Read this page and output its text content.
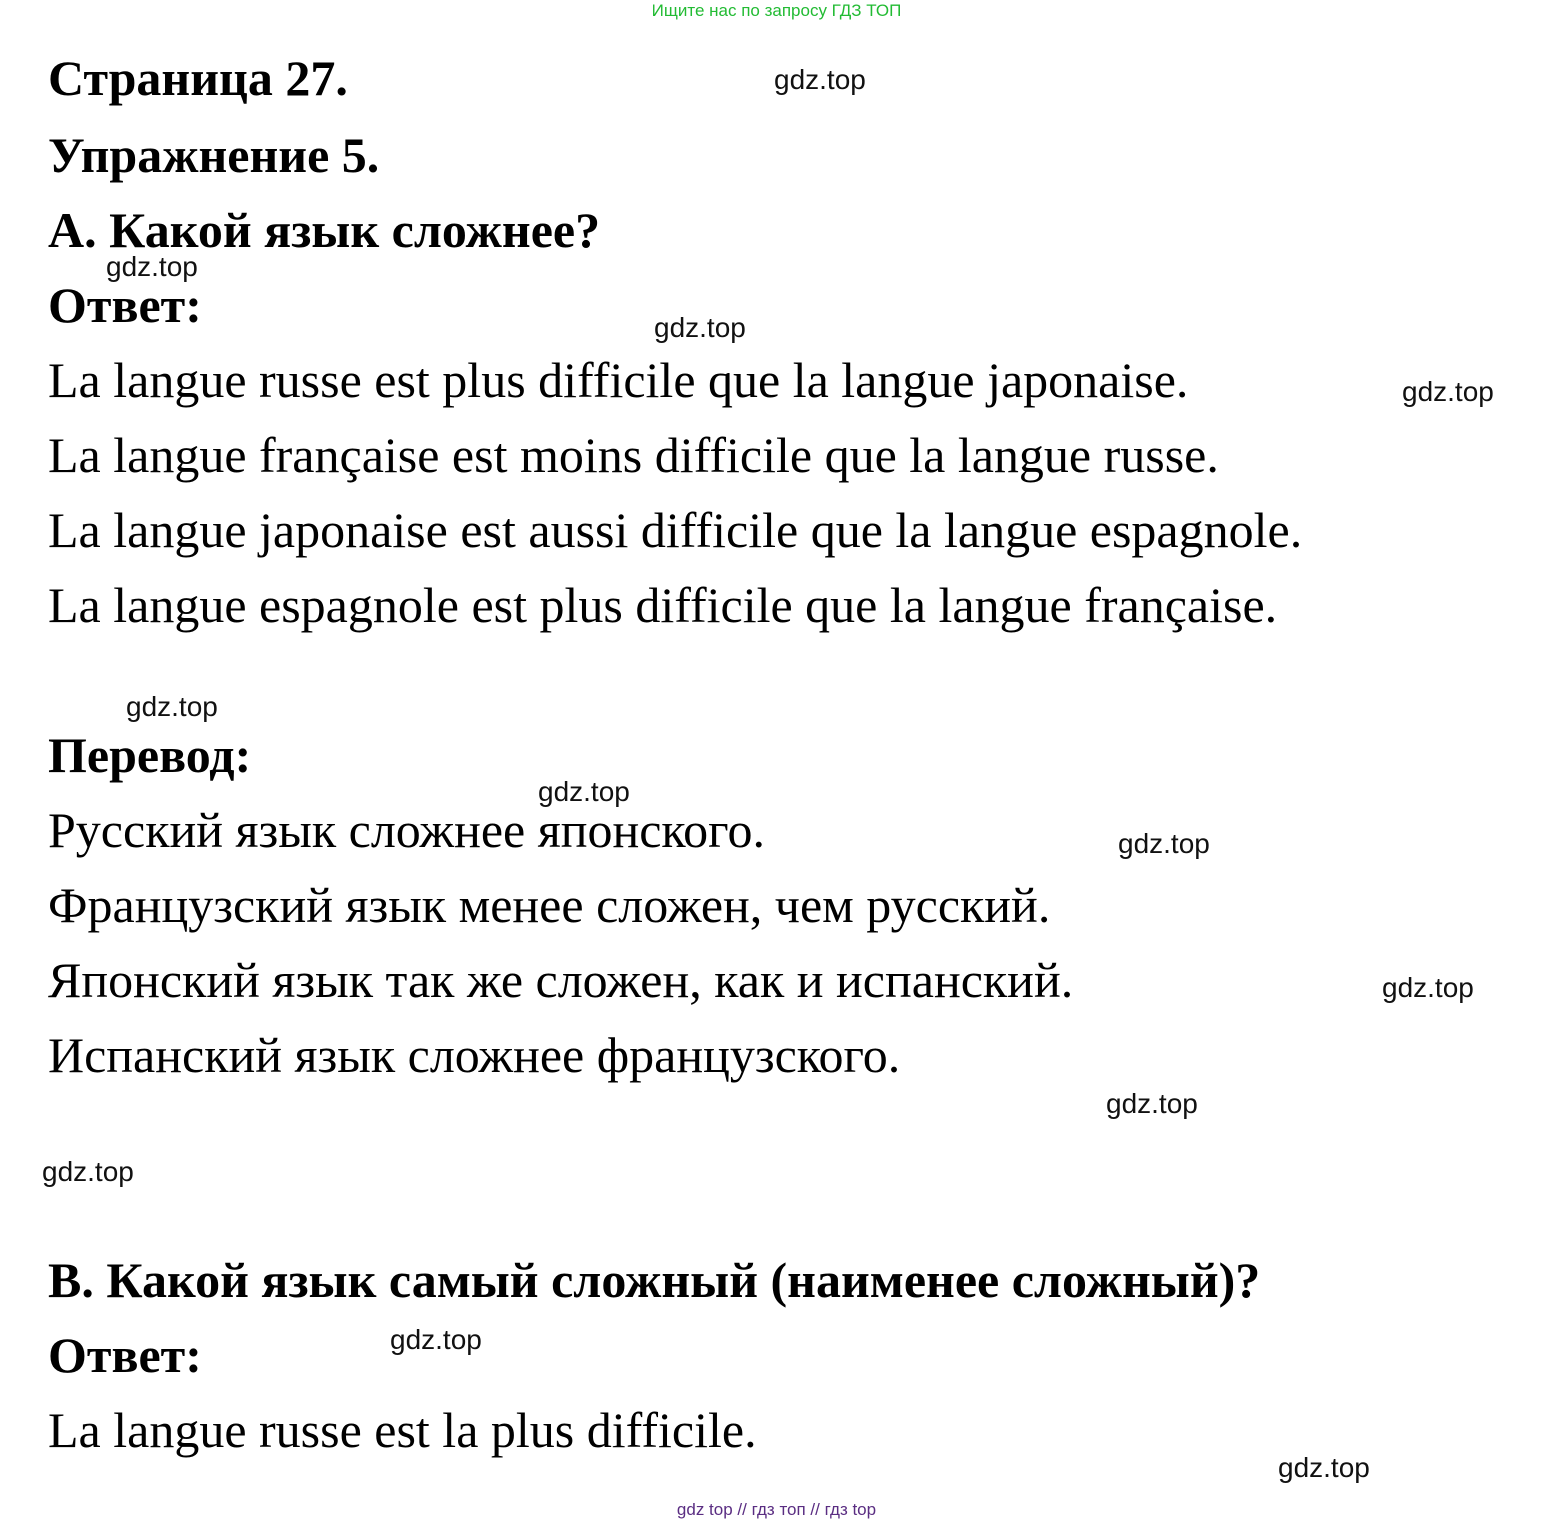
Ищите нас по запросу ГДЗ ТОП
Страница 27.
Упражнение 5.
А. Какой язык сложнее?
Ответ:
La langue russe est plus difficile que la langue japonaise.
La langue française est moins difficile que la langue russe.
La langue japonaise est aussi difficile que la langue espagnole.
La langue espagnole est plus difficile que la langue française.
Перевод:
Русский язык сложнее японского.
Французский язык менее сложен, чем русский.
Японский язык так же сложен, как и испанский.
Испанский язык сложнее французского.
В. Какой язык самый сложный (наименее сложный)?
Ответ:
La langue russe est la plus difficile.
gdz.top
gdz.top
gdz.top
gdz.top
gdz.top
gdz.top
gdz.top
gdz.top
gdz.top
gdz.top
gdz.top
gdz.top
gdz top // гдз топ // гдз top
